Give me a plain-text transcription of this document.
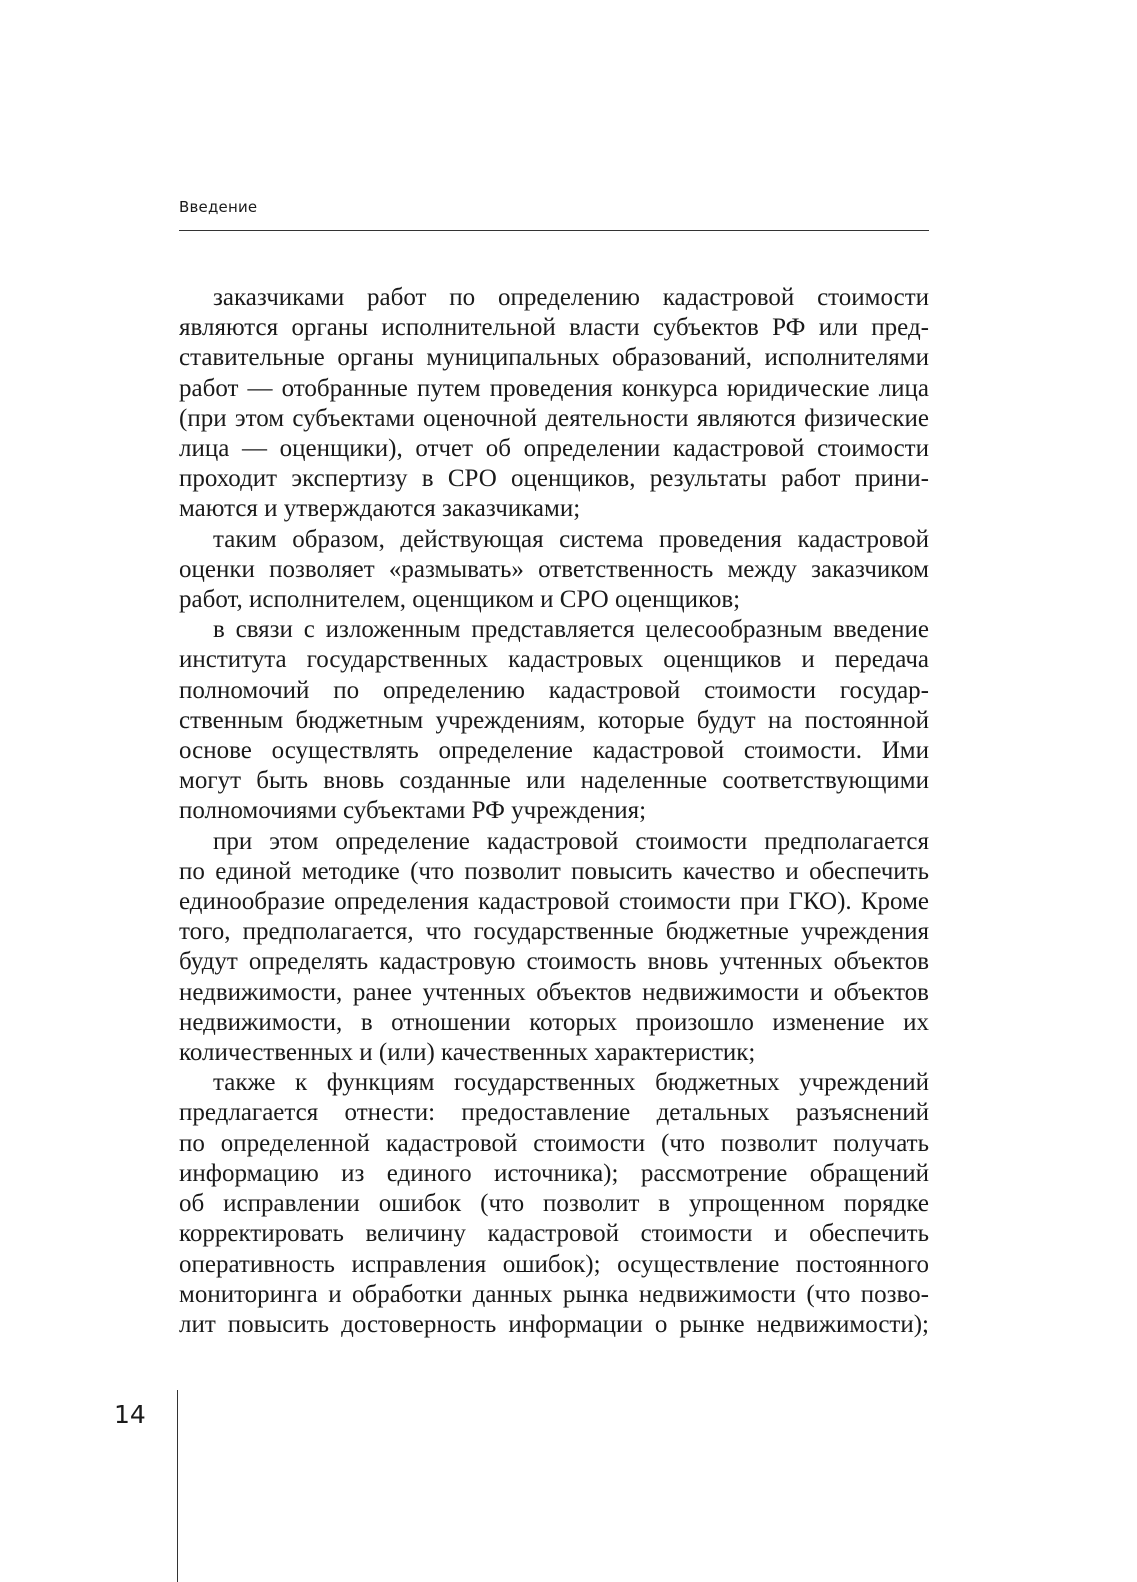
Введение
заказчиками работ по определению кадастровой стоимости
являются органы исполнительной власти субъектов РФ или пред-
ставительные органы муниципальных образований, исполнителями
работ — отобранные путем проведения конкурса юридические лица
(при этом субъектами оценочной деятельности являются физические
лица — оценщики), отчет об определении кадастровой стоимости
проходит экспертизу в СРО оценщиков, результаты работ прини-
маются и утверждаются заказчиками;
таким образом, действующая система проведения кадастровой
оценки позволяет «размывать» ответственность между заказчиком
работ, исполнителем, оценщиком и СРО оценщиков;
в связи с изложенным представляется целесообразным введение
института государственных кадастровых оценщиков и передача
полномочий по определению кадастровой стоимости государ-
ственным бюджетным учреждениям, которые будут на постоянной
основе осуществлять определение кадастровой стоимости. Ими
могут быть вновь созданные или наделенные соответствующими
полномочиями субъектами РФ учреждения;
при этом определение кадастровой стоимости предполагается
по единой методике (что позволит повысить качество и обеспечить
единообразие определения кадастровой стоимости при ГКО). Кроме
того, предполагается, что государственные бюджетные учреждения
будут определять кадастровую стоимость вновь учтенных объектов
недвижимости, ранее учтенных объектов недвижимости и объектов
недвижимости, в отношении которых произошло изменение их
количественных и (или) качественных характеристик;
также к функциям государственных бюджетных учреждений
предлагается отнести: предоставление детальных разъяснений
по определенной кадастровой стоимости (что позволит получать
информацию из единого источника); рассмотрение обращений
об исправлении ошибок (что позволит в упрощенном порядке
корректировать величину кадастровой стоимости и обеспечить
оперативность исправления ошибок); осуществление постоянного
мониторинга и обработки данных рынка недвижимости (что позво-
лит повысить достоверность информации о рынке недвижимости);
14
